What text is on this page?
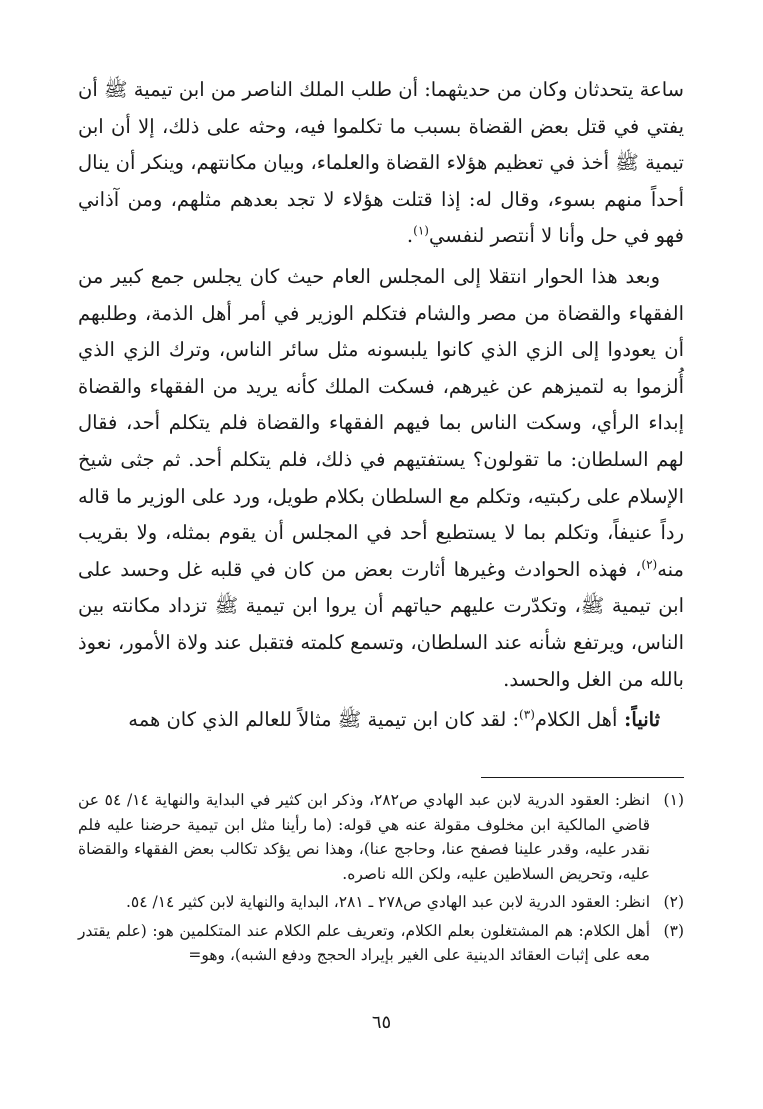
ساعة يتحدثان وكان من حديثهما: أن طلب الملك الناصر من ابن تيمية ﷺ أن يفتي في قتل بعض القضاة بسبب ما تكلموا فيه، وحثه على ذلك، إلا أن ابن تيمية ﷺ أخذ في تعظيم هؤلاء القضاة والعلماء، وبيان مكانتهم، وينكر أن ينال أحداً منهم بسوء، وقال له: إذا قتلت هؤلاء لا تجد بعدهم مثلهم، ومن آذاني فهو في حل وأنا لا أنتصر لنفسي$^{(١)}$.

وبعد هذا الحوار انتقلا إلى المجلس العام حيث كان يجلس جمع كبير من الفقهاء والقضاة من مصر والشام فتكلم الوزير في أمر أهل الذمة، وطلبهم أن يعودوا إلى الزي الذي كانوا يلبسونه مثل سائر الناس، وترك الزي الذي أُلزموا به لتميزهم عن غيرهم، فسكت الملك كأنه يريد من الفقهاء والقضاة إبداء الرأي، وسكت الناس بما فيهم الفقهاء والقضاة فلم يتكلم أحد، فقال لهم السلطان: ما تقولون؟ يستفتيهم في ذلك، فلم يتكلم أحد. ثم جثى شيخ الإسلام على ركبتيه، وتكلم مع السلطان بكلام طويل، ورد على الوزير ما قاله رداً عنيفاً، وتكلم بما لا يستطيع أحد في المجلس أن يقوم بمثله، ولا بقريب منه$^{(٢)}$، فهذه الحوادث وغيرها أثارت بعض من كان في قلبه غل وحسد على ابن تيمية ﷺ، وتكدّرت عليهم حياتهم أن يروا ابن تيمية ﷺ تزداد مكانته بين الناس، ويرتفع شأنه عند السلطان، وتسمع كلمته فتقبل عند ولاة الأمور، نعوذ بالله من الغل والحسد.

ثانياً: أهل الكلام$^{(٣)}$: لقد كان ابن تيمية ﷺ مثالاً للعالم الذي كان همه

(١)
انظر: العقود الدرية لابن عبد الهادي ص٢٨٢، وذكر ابن كثير في البداية والنهاية ١٤/ ٥٤ عن قاضي المالكية ابن مخلوف مقولة عنه هي قوله: (ما رأينا مثل ابن تيمية حرضنا عليه فلم نقدر عليه، وقدر علينا فصفح عنا، وحاجج عنا)، وهذا نص يؤكد تكالب بعض الفقهاء والقضاة عليه، وتحريض السلاطين عليه، ولكن الله ناصره.
(٢)
انظر: العقود الدرية لابن عبد الهادي ص٢٧٨ ـ ٢٨١، البداية والنهاية لابن كثير ١٤/ ٥٤.
(٣)
أهل الكلام: هم المشتغلون بعلم الكلام، وتعريف علم الكلام عند المتكلمين هو: (علم يقتدر معه على إثبات العقائد الدينية على الغير بإيراد الحجج ودفع الشبه)، وهو=
٦٥
